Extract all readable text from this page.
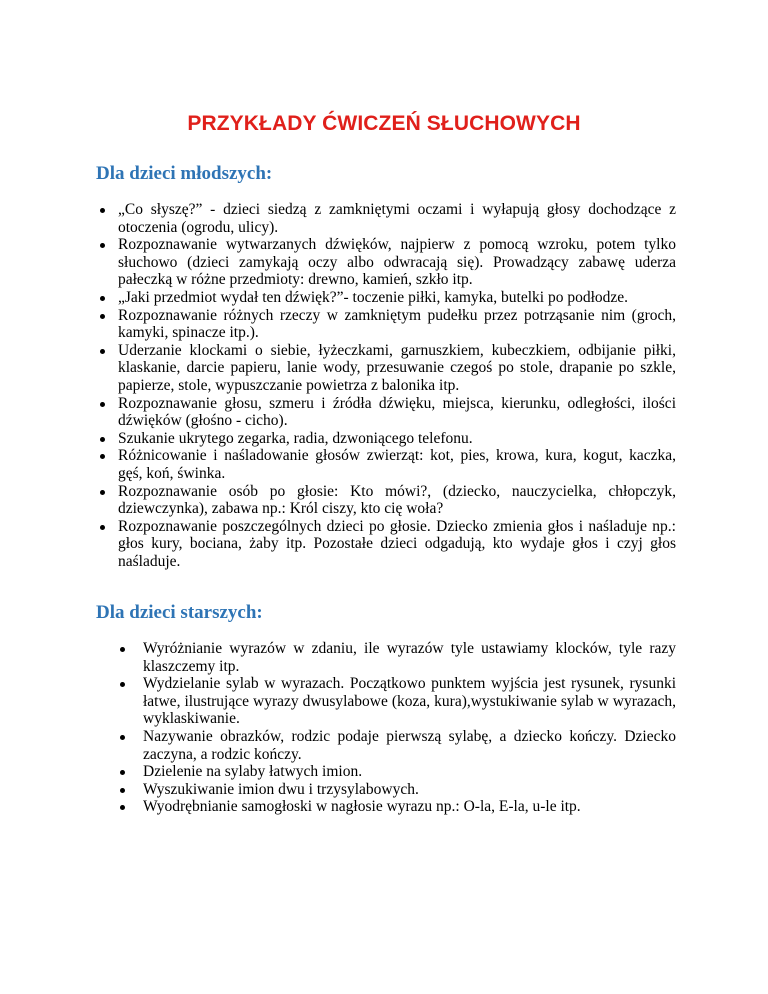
PRZYKŁADY ĆWICZEŃ SŁUCHOWYCH
Dla dzieci młodszych:
„Co słyszę?” - dzieci siedzą z zamkniętymi oczami i wyłapują głosy dochodzące z otoczenia (ogrodu, ulicy).
Rozpoznawanie wytwarzanych dźwięków, najpierw z pomocą wzroku, potem tylko słuchowo (dzieci zamykają oczy albo odwracają się). Prowadzący zabawę uderza pałeczką w różne przedmioty: drewno, kamień, szkło itp.
„Jaki przedmiot wydał ten dźwięk?”- toczenie piłki, kamyka, butelki po podłodze.
Rozpoznawanie różnych rzeczy w zamkniętym pudełku przez potrząsanie nim (groch, kamyki, spinacze itp.).
Uderzanie klockami o siebie, łyżeczkami, garnuszkiem, kubeczkiem, odbijanie piłki, klaskanie, darcie papieru, lanie wody, przesuwanie czegoś po stole, drapanie po szkle, papierze, stole, wypuszczanie powietrza z balonika itp.
Rozpoznawanie głosu, szmeru i źródła dźwięku, miejsca, kierunku, odległości, ilości dźwięków (głośno - cicho).
Szukanie ukrytego zegarka, radia, dzwoniącego telefonu.
Różnicowanie i naśladowanie głosów zwierząt: kot, pies, krowa, kura, kogut, kaczka, gęś, koń, świnka.
Rozpoznawanie osób po głosie: Kto mówi?, (dziecko, nauczycielka, chłopczyk, dziewczynka), zabawa np.: Król ciszy, kto cię woła?
Rozpoznawanie poszczególnych dzieci po głosie. Dziecko zmienia głos i naśladuje np.: głos kury, bociana, żaby itp. Pozostałe dzieci odgadują, kto wydaje głos i czyj głos naśladuje.
Dla dzieci starszych:
Wyróżnianie wyrazów w zdaniu, ile wyrazów tyle ustawiamy klocków, tyle razy klaszczemy itp.
Wydzielanie sylab w wyrazach. Początkowo punktem wyjścia jest rysunek, rysunki łatwe, ilustrujące wyrazy dwusylabowe (koza, kura),wystukiwanie sylab w wyrazach, wyklaskiwanie.
Nazywanie obrazków, rodzic podaje pierwszą sylabę, a dziecko kończy. Dziecko zaczyna, a rodzic kończy.
Dzielenie na sylaby łatwych imion.
Wyszukiwanie imion dwu i trzysylabowych.
Wyodrębnianie samogłoski w nagłosie wyrazu np.: O-la, E-la, u-le itp.
